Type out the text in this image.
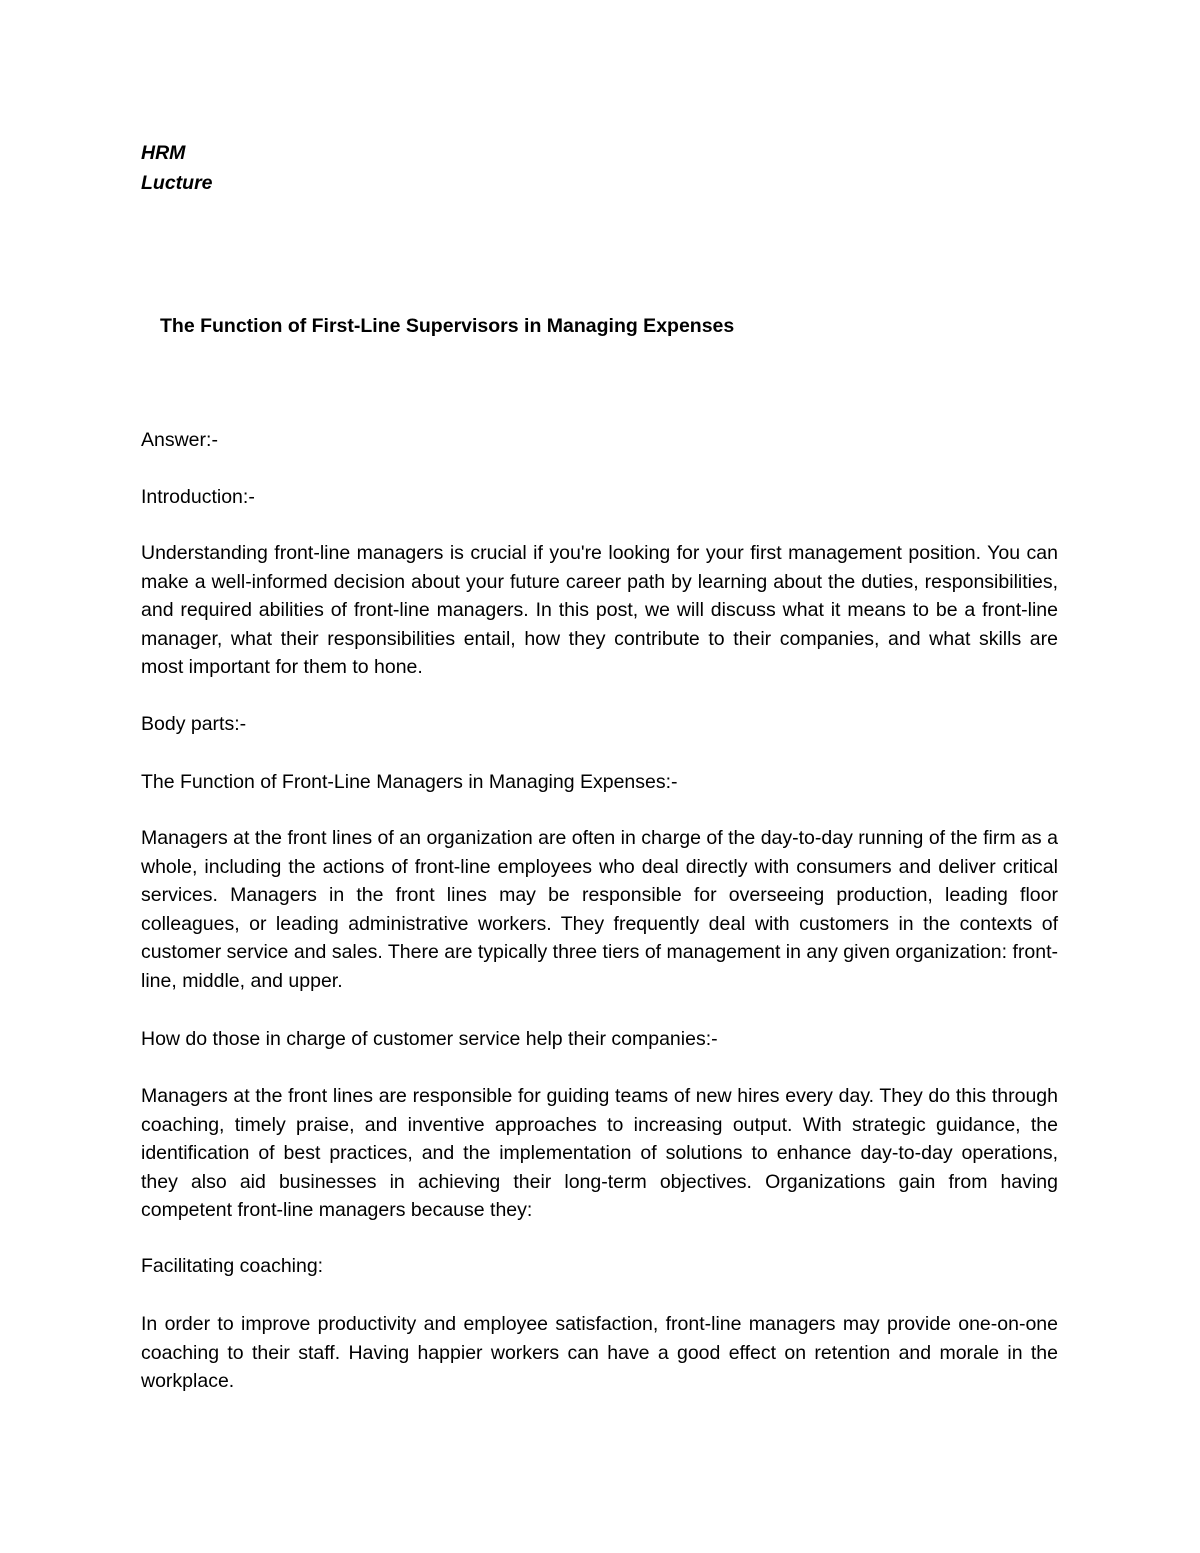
HRM
Lucture
The Function of First-Line Supervisors in Managing Expenses
Answer:-
Introduction:-
Understanding front-line managers is crucial if you're looking for your first management position. You can make a well-informed decision about your future career path by learning about the duties, responsibilities, and required abilities of front-line managers. In this post, we will discuss what it means to be a front-line manager, what their responsibilities entail, how they contribute to their companies, and what skills are most important for them to hone.
Body parts:-
The Function of Front-Line Managers in Managing Expenses:-
Managers at the front lines of an organization are often in charge of the day-to-day running of the firm as a whole, including the actions of front-line employees who deal directly with consumers and deliver critical services. Managers in the front lines may be responsible for overseeing production, leading floor colleagues, or leading administrative workers. They frequently deal with customers in the contexts of customer service and sales. There are typically three tiers of management in any given organization: front-line, middle, and upper.
How do those in charge of customer service help their companies:-
Managers at the front lines are responsible for guiding teams of new hires every day. They do this through coaching, timely praise, and inventive approaches to increasing output. With strategic guidance, the identification of best practices, and the implementation of solutions to enhance day-to-day operations, they also aid businesses in achieving their long-term objectives. Organizations gain from having competent front-line managers because they:
Facilitating coaching:
In order to improve productivity and employee satisfaction, front-line managers may provide one-on-one coaching to their staff. Having happier workers can have a good effect on retention and morale in the workplace.
